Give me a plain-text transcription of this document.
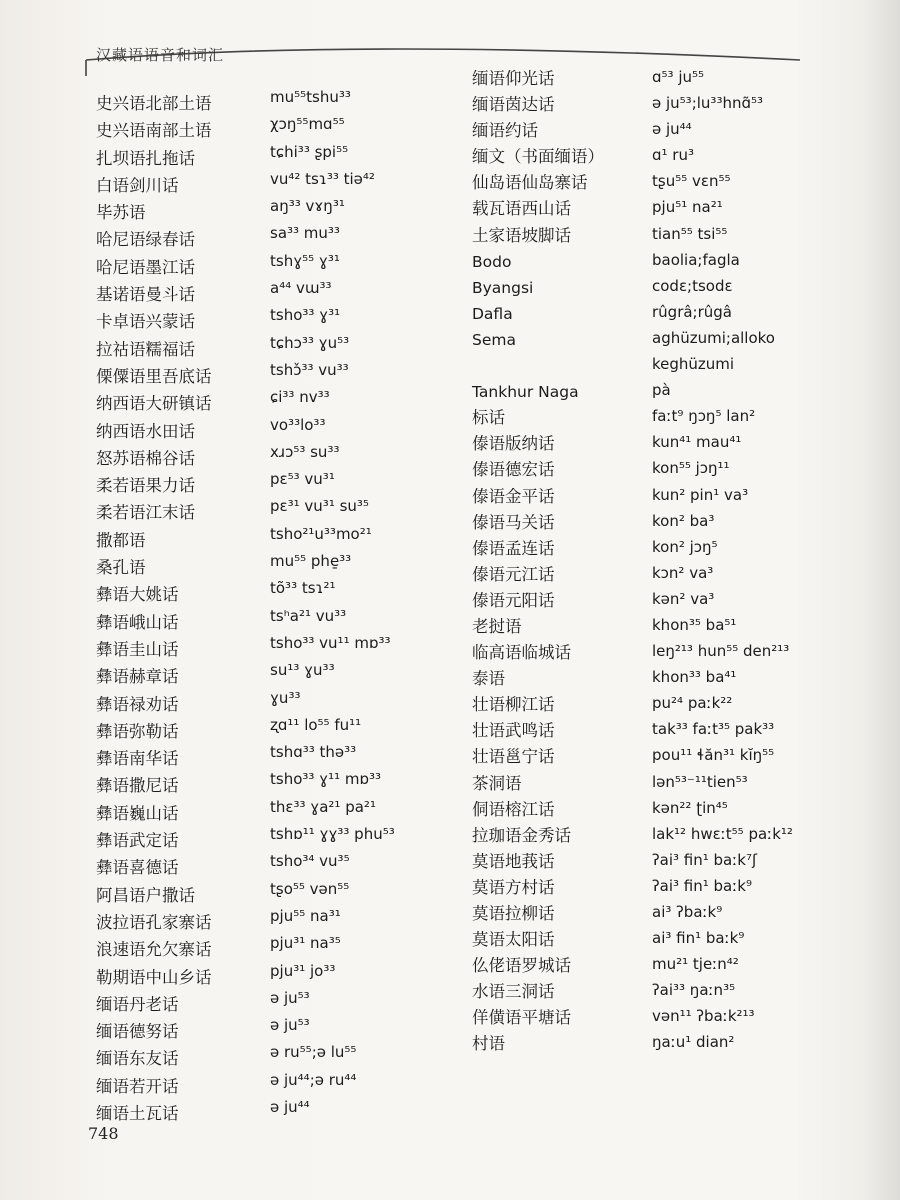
汉藏语语音和词汇
史兴语北部土语
史兴语南部土语
扎坝语扎拖话
白语剑川话
毕苏语
哈尼语绿春话
哈尼语墨江话
基诺语曼斗话
卡卓语兴蒙话
拉祜语糯福话
傈僳语里吾底话
纳西语大研镇话
纳西语水田话
怒苏语棉谷话
柔若语果力话
柔若语江末话
撒都语
桑孔语
彝语大姚话
彝语峨山话
彝语圭山话
彝语赫章话
彝语禄劝话
彝语弥勒话
彝语南华话
彝语撒尼话
彝语巍山话
彝语武定话
彝语喜德话
阿昌语户撒话
波拉语孔家寨话
浪速语允欠寨话
勒期语中山乡话
缅语丹老话
缅语德努话
缅语东友话
缅语若开话
缅语土瓦话
mu⁵⁵tshu³³
χɔŋ⁵⁵mɑ⁵⁵
tɕhi³³ ʂpi⁵⁵
vu⁴² tsɿ³³ tiə⁴²
aŋ³³ vɤŋ³¹
sa³³ mu³³
tshɣ⁵⁵ ɣ³¹
a⁴⁴ vɯ³³
tsho³³ ɣ³¹
tɕhɔ³³ ɣu⁵³
tshɔ̌³³ vu³³
ɕi³³ nv³³
vo³³lo³³
xɹɔ⁵³ su³³
pɛ⁵³ vu³¹
pɛ³¹ vu³¹ su³⁵
tsho²¹u³³mo²¹
mu⁵⁵ phe̱³³
tõ³³ tsɿ²¹
tsʰa²¹ vu³³
tsho³³ vu¹¹ mɒ³³
su¹³ ɣu³³
ɣu³³
ʐɑ¹¹ lo⁵⁵ fu¹¹
tshɑ³³ thə³³
tsho³³ ɣ¹¹ mɒ³³
thɛ³³ ɣa²¹ pa²¹
tshɒ¹¹ ɣɣ³³ phu⁵³
tsho³⁴ vu³⁵
tʂo⁵⁵ vən⁵⁵
pju⁵⁵ na³¹
pju³¹ na³⁵
pju³¹ jo³³
ə ju⁵³
ə ju⁵³
ə ru⁵⁵;ə lu⁵⁵
ə ju⁴⁴;ə ru⁴⁴
ə ju⁴⁴
缅语仰光话
缅语茵达话
缅语约话
缅文（书面缅语）
仙岛语仙岛寨话
载瓦语西山话
土家语坡脚话
Bodo
Byangsi
Dafla
Sema
Tankhur Naga
标话
傣语版纳话
傣语德宏话
傣语金平话
傣语马关话
傣语孟连话
傣语元江话
傣语元阳话
老挝语
临高语临城话
泰语
壮语柳江话
壮语武鸣话
壮语邕宁话
茶洞语
侗语榕江话
拉珈语金秀话
莫语地莪话
莫语方村话
莫语拉柳话
莫语太阳话
仫佬语罗城话
水语三洞话
佯僙语平塘话
村语
ɑ⁵³ ju⁵⁵
ə ju⁵³;lu³³hnɑ̃⁵³
ə ju⁴⁴
ɑ¹ ru³
tʂu⁵⁵ vɛn⁵⁵
pju⁵¹ na²¹
tian⁵⁵ tsi⁵⁵
baolia;fagla
codɛ;tsodɛ
rûgrâ;rûgâ
aghüzumi;alloko
keghüzumi
pà
faːt⁹ ŋɔŋ⁵ lan²
kun⁴¹ mau⁴¹
kon⁵⁵ jɔŋ¹¹
kun² pin¹ va³
kon² ba³
kon² jɔŋ⁵
kɔn² va³
kən² va³
khon³⁵ ba⁵¹
leŋ²¹³ hun⁵⁵ den²¹³
khon³³ ba⁴¹
pu²⁴ paːk²²
tak³³ faːt³⁵ pak³³
pou¹¹ ɬăn³¹ kĭŋ⁵⁵
lən⁵³⁻¹¹tien⁵³
kən²² ʈin⁴⁵
lak¹² hwɛːt⁵⁵ paːk¹²
ʔai³ fin¹ baːk⁷ʃ
ʔai³ fin¹ baːk⁹
ai³ ʔbaːk⁹
ai³ fin¹ baːk⁹
mu²¹ tjeːn⁴²
ʔai³³ ŋaːn³⁵
vən¹¹ ʔbaːk²¹³
ŋaːu¹ dian²
748
